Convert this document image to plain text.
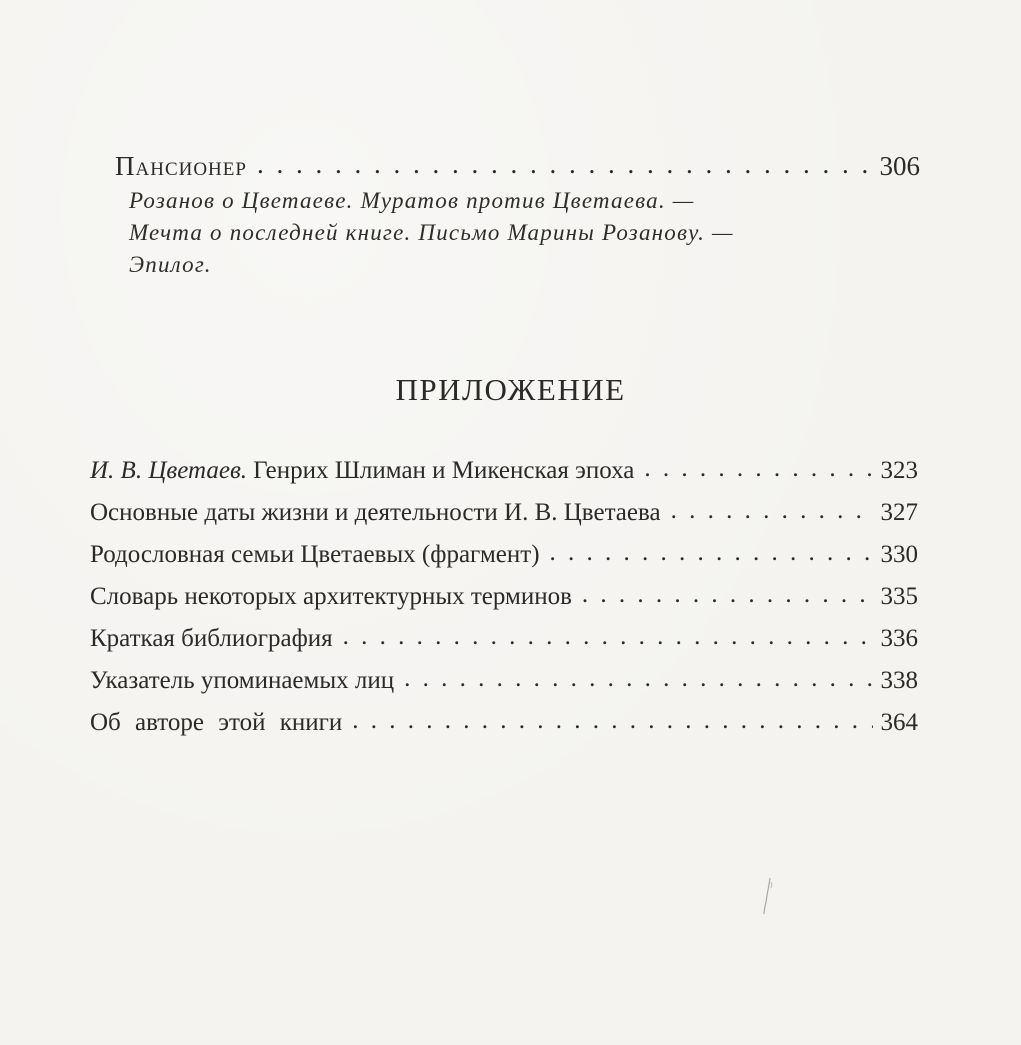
Пансионер . . .	306
Розанов о Цветаеве. Муратов против Цветаева. —
Мечта о последней книге. Письмо Марины Розанову. —
Эпилог.
ПРИЛОЖЕНИЕ
И. В. Цветаев. Генрих Шлиман и Микенская эпоха . . .	323
Основные даты жизни и деятельности И. В. Цветаева . . .	327
Родословная семьи Цветаевых (фрагмент) . . .	330
Словарь некоторых архитектурных терминов . . .	335
Краткая библиография . . .	336
Указатель упоминаемых лиц . . .	338
Об автоpе этой книги . . .	364
